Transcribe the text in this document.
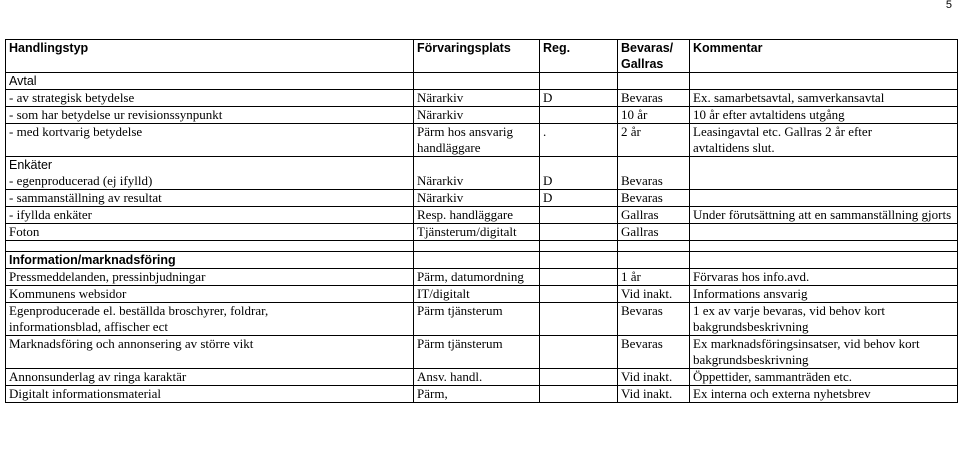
5
Handlingstyp	Förvaringsplats	Reg.	Bevaras/ Gallras	Kommentar
Avtal				
- av strategisk betydelse	Närarkiv	D	Bevaras	Ex. samarbetsavtal, samverkansavtal
- som har betydelse ur revisionssynpunkt	Närarkiv		10 år	10 år efter avtaltidens utgång
- med kortvarig betydelse	Pärm hos ansvarig handläggare	.	2 år	Leasingavtal etc. Gallras 2 år efter avtaltidens slut.
Enkäter				
- egenproducerad (ej ifylld)	Närarkiv	D	Bevaras	
- sammanställning av resultat	Närarkiv	D	Bevaras	
- ifyllda enkäter	Resp. handläggare		Gallras	Under förutsättning att en sammanställning gjorts
Foton	Tjänsterum/digitalt		Gallras	

Information/marknadsföring				
Pressmeddelanden, pressinbjudningar	Pärm, datumordning		1 år	Förvaras hos info.avd.
Kommunens websidor	IT/digitalt		Vid inakt.	Informations ansvarig
Egenproducerade el. beställda broschyrer, foldrar, informationsblad, affischer ect	Pärm tjänsterum		Bevaras	1 ex av varje bevaras, vid behov kort bakgrundsbeskrivning
Marknadsföring och annonsering av större vikt	Pärm tjänsterum		Bevaras	Ex marknadsföringsinsatser, vid behov kort bakgrundsbeskrivning
Annonsunderlag av ringa karaktär	Ansv. handl.		Vid inakt.	Öppettider, sammanträden etc.
Digitalt informationsmaterial	Pärm,		Vid inakt.	Ex interna och externa nyhetsbrev
